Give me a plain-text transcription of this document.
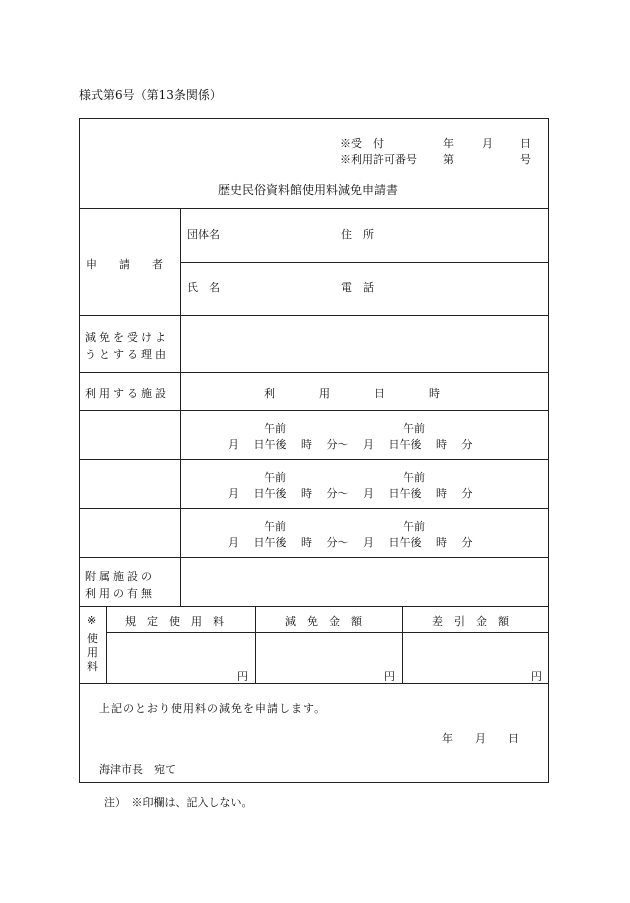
様式第6号（第13条関係）
※受　付	年	月 日
※利用許可番号 第	号
歴史民俗資料館使用料減免申請書
申　　請　　者
団体名	住　所
氏　名	電　話
減免を受けよ
うとする理由
利用する施設	利　　　　用　　　　日　　　　時
午前	午前
月　 日午後　 時　 分～　 月　 日午後　 時　 分
午前	午前
月　 日午後　 時　 分～　 月　 日午後　 時　 分
午前	午前
月　 日午後　 時　 分～　 月　 日午後　 時　 分
附属施設の
利用の有無
※
使
用
料
規　定　使　用　料	減　免　金　額	差　引　金　額
円	円	円
上記のとおり使用料の減免を申請します。
年　　月　　日
海津市長　宛て
注）　※印欄は、記入しない。
